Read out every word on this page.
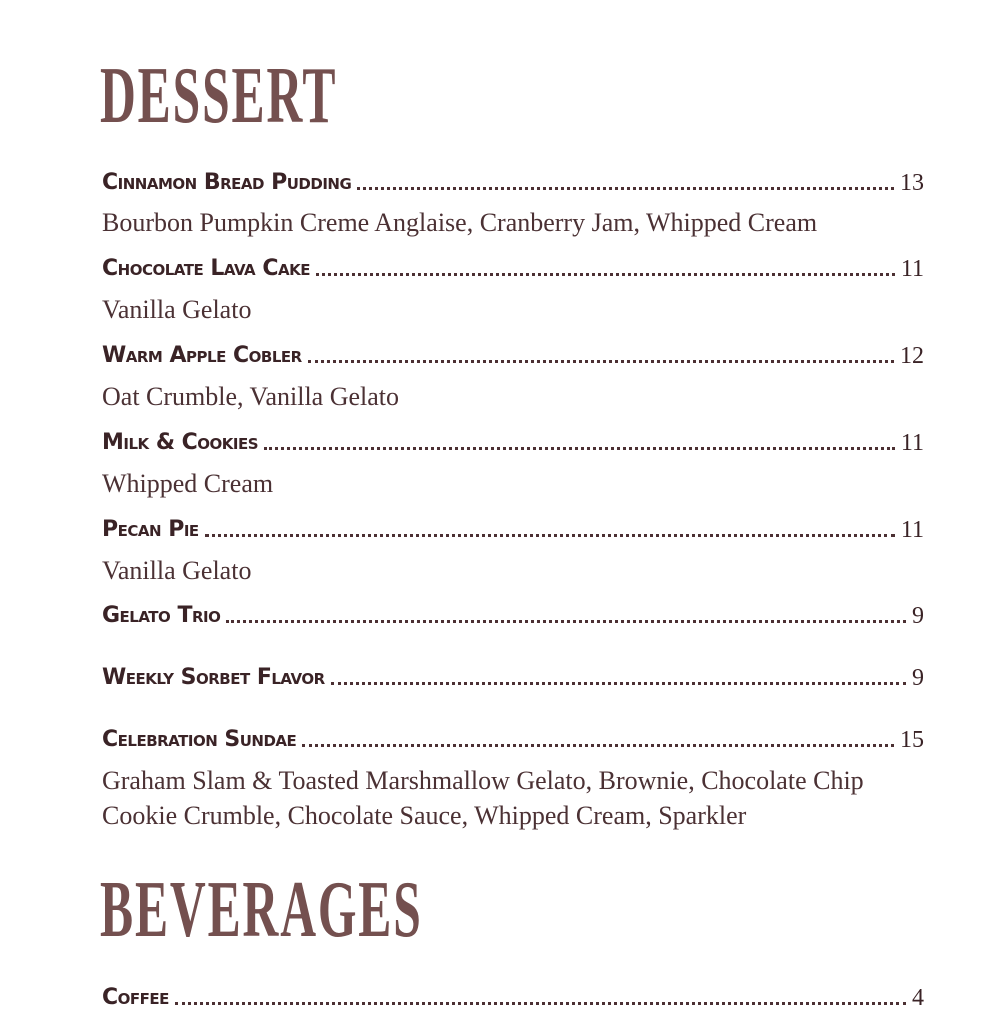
DESSERT
Cinnamon Bread Pudding	13

Bourbon Pumpkin Creme Anglaise, Cranberry Jam, Whipped Cream

Chocolate Lava Cake	11

Vanilla Gelato

Warm Apple Cobler	12

Oat Crumble, Vanilla Gelato

Milk & Cookies	11

Whipped Cream

Pecan Pie	11

Vanilla Gelato

Gelato Trio	9
Weekly Sorbet Flavor	9
Celebration Sundae	15

Graham Slam & Toasted Marshmallow Gelato, Brownie, Chocolate Chip Cookie Crumble, Chocolate Sauce, Whipped Cream, Sparkler

BEVERAGES
Coffee	4
